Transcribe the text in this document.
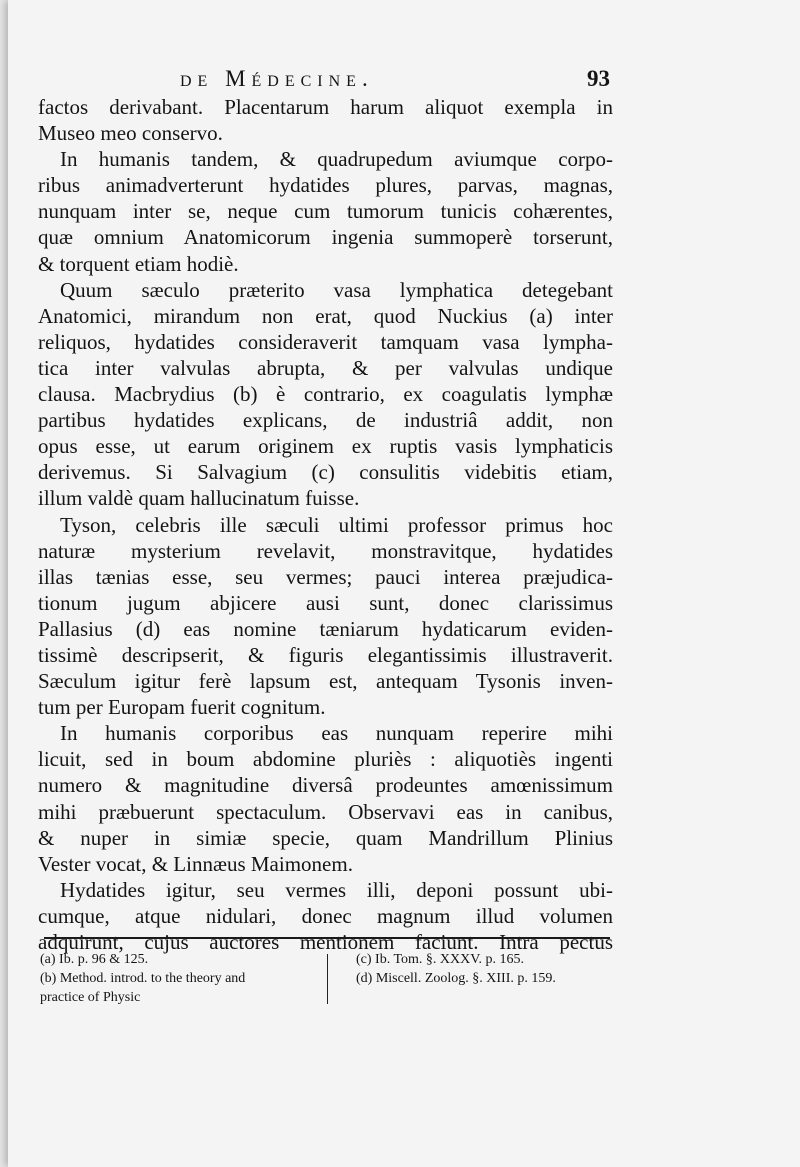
de Médecine.	93
factos derivabant. Placentarum harum aliquot exempla in
Museo meo conservo.
In humanis tandem, & quadrupedum aviumque corpo-
ribus animadverterunt hydatides plures, parvas, magnas,
nunquam inter se, neque cum tumorum tunicis cohærentes,
quæ omnium Anatomicorum ingenia summoperè torserunt,
& torquent etiam hodiè.
Quum sæculo præterito vasa lymphatica detegebant
Anatomici, mirandum non erat, quod Nuckius (a) inter
reliquos, hydatides consideraverit tamquam vasa lympha-
tica inter valvulas abrupta, & per valvulas undique
clausa. Macbrydius (b) è contrario, ex coagulatis lymphæ
partibus hydatides explicans, de industriâ addit, non
opus esse, ut earum originem ex ruptis vasis lymphaticis
derivemus. Si Salvagium (c) consulitis videbitis etiam,
illum valdè quam hallucinatum fuisse.
Tyson, celebris ille sæculi ultimi professor primus hoc
naturæ mysterium revelavit, monstravitque, hydatides
illas tænias esse, seu vermes; pauci interea præjudica-
tionum jugum abjicere ausi sunt, donec clarissimus
Pallasius (d) eas nomine tæniarum hydaticarum eviden-
tissimè descripserit, & figuris elegantissimis illustraverit.
Sæculum igitur ferè lapsum est, antequam Tysonis inven-
tum per Europam fuerit cognitum.
In humanis corporibus eas nunquam reperire mihi
licuit, sed in boum abdomine pluriès : aliquotiès ingenti
numero & magnitudine diversâ prodeuntes amœnissimum
mihi præbuerunt spectaculum. Observavi eas in canibus,
& nuper in simiæ specie, quam Mandrillum Plinius
Vester vocat, & Linnæus Maimonem.
Hydatides igitur, seu vermes illi, deponi possunt ubi-
cumque, atque nidulari, donec magnum illud volumen
adquirunt, cujus auctores mentionem faciunt. Intra pectus
(a) Ib. p. 96 & 125.
(b) Method. introd. to the theory and
practice of Physic
(c) Ib. Tom. §. XXXV. p. 165.
(d) Miscell. Zoolog. §. XIII. p. 159.
